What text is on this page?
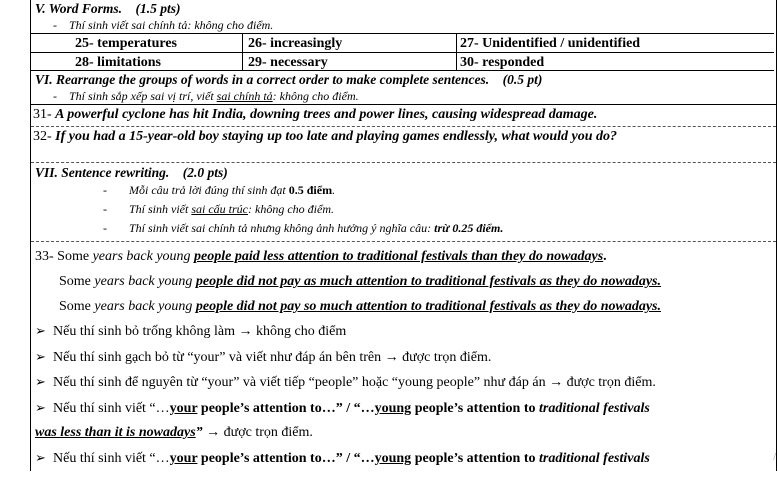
V. Word Forms. (1.5 pts)
- Thí sinh viết sai chính tả: không cho điểm.
25- temperatures	26- increasingly	27- Unidentified / unidentified
28- limitations	29- necessary	30- responded
VI. Rearrange the groups of words in a correct order to make complete sentences. (0.5 pt)
- Thí sinh sắp xếp sai vị trí, viết sai chính tả: không cho điểm.
31- A powerful cyclone has hit India, downing trees and power lines, causing widespread damage.
32- If you had a 15-year-old boy staying up too late and playing games endlessly, what would you do?
VII. Sentence rewriting. (2.0 pts)
- Mỗi câu trả lời đúng thí sinh đạt 0.5 điểm.
- Thí sinh viết sai cấu trúc: không cho điểm.
- Thí sinh viết sai chính tả nhưng không ảnh hưởng ý nghĩa câu: trừ 0.25 điểm.
33- Some years back young people paid less attention to traditional festivals than they do nowadays.
Some years back young people did not pay as much attention to traditional festivals as they do nowadays.
Some years back young people did not pay so much attention to traditional festivals as they do nowadays.
➢ Nếu thí sinh bỏ trống không làm → không cho điểm
➢ Nếu thí sinh gạch bỏ từ “your” và viết như đáp án bên trên → được trọn điểm.
➢ Nếu thí sinh để nguyên từ “your” và viết tiếp “people” hoặc “young people” như đáp án → được trọn điểm.
➢ Nếu thí sinh viết “…your people’s attention to…” / “…young people’s attention to traditional festivals
was less than it is nowadays” → được trọn điểm.
➢ Nếu thí sinh viết “…your people’s attention to…” / “…young people’s attention to traditional festivals	/
